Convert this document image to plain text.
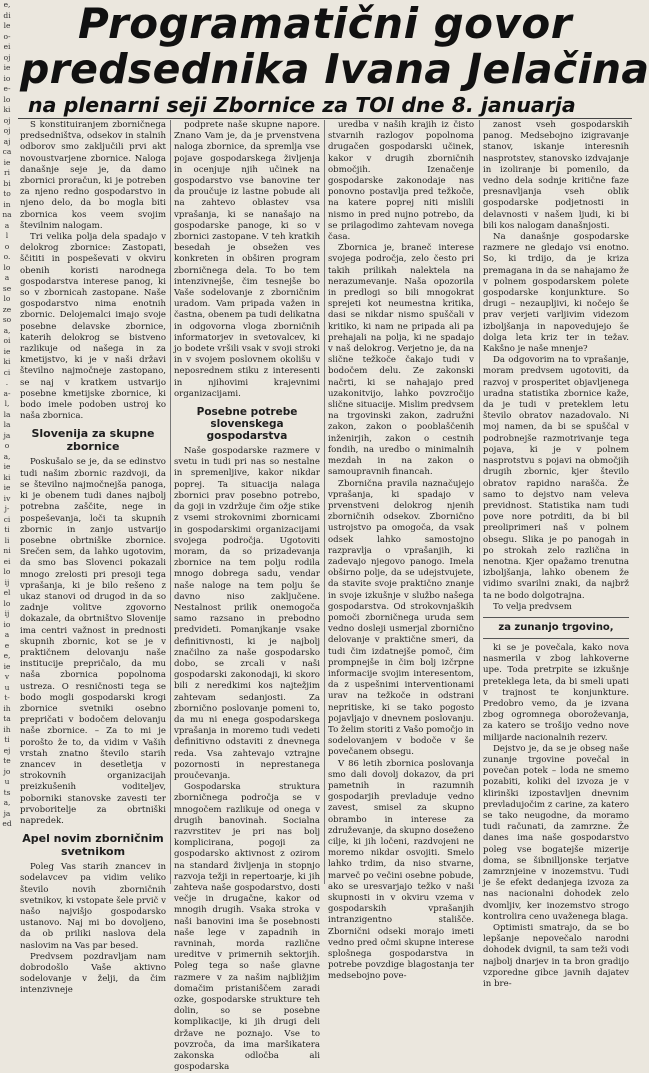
e,
di
le
o-
ei
oj
ie
io
e-
lo
ki
oj
oj
aj
ca
ie
ri
bi
to
in
na
a
l
o
o.
lo
a
se
lo
ze
so
a,
oi
ie
ki
ci
.
a-
l,
la
la
ja
o
a,
ie
ki
ie
iv
j-
ci
ti
li
ni
ei
lo
ij
el
lo
ij
io
a
e
e,
ie
v
u
t-
ih
ta
ih
ti
ej
te
jo
u
ts
a,
ja
ed
Programatični govor
predsednika Ivana Jelačina
na plenarni seji Zbornice za TOI dne 8. januarja

S konstituiranjem zborničnega predsedništva, odsekov in stalnih odborov smo zaključili prvi akt novoustvarjene zbornice. Naloga današnje seje je, da damo zbornici proračun, ki je potreben za njeno redno gospodarstvo in njeno delo, da bo mogla biti zbornica kos veem svojim številnim nalogam.

Tri velika polja dela spadajo v delokrog zbornice: Zastopati, ščititi in pospeševati v okviru obenih koristi narodnega gospodarstva interese panog, ki so v zbornicah zastopane. Naše gospodarstvo nima enotnih zbornic. Delojemalci imajo svoje posebne delavske zbornice, katerih delokrog se bistveno razlikuje od našega in za kmetijstvo, ki je v naši državi številno najmočneje zastopano, se naj v kratkem ustvarijo posebne kmetijske zbornice, ki bodo imele podoben ustroj ko naša zbornica.

Slovenija za skupne zbornice

Poskušalo se je, da se edinstvo tudi našim zbornic razdvoji, da se številno najmočnejša panoga, ki je obenem tudi danes najbolj potrebna zaščite, nege in pospeševanja, loči ta skupnih zbornic in zanjo ustvarijo posebne obrtniške zbornice. Srečen sem, da lahko ugotovim, da smo bas Slovenci pokazali mnogo zrelosti pri presoji tega vprašanja, ki je bilo rešeno z ukaz stanovi od drugod in da so zadnje volitve zgovorno dokazale, da obrtništvo Slovenije ima centri važnost in prednosti skupnih zbornic, kot se je v praktičnem delovanju naše institucije prepričalo, da mu naša zbornica popolnoma ustreza. O resničnosti tega se bodo mogli gospodarski krogi zbornice svetniki osebno prepričati v bodočem delovanju naše zbornice. – Za to mi je porošto že to, da vidim v Vaših vrstah znatno število starih znancev in desetletja v strokovnih organizacijah preizkušenih voditeljev, poborniki stanovske zavesti ter prvoboritelje za obrtniški napredek.

Apel novim zborničnim svetnikom

Poleg Vas starih znancev in sodelavcev pa vidim veliko število novih zborničnih svetnikov, ki vstopate šele prvič v našo najvišjo gospodarsko ustanovo. Naj mi bo dovoljeno, da ob priliki naslova dela naslovim na Vas par besed.

Predvsem pozdravljam nam dobrodošlo Vaše aktivno sodelovanje v želji, da čim intenzivneje

podprete naše skupne napore. Znano Vam je, da je prvenstvena naloga zbornice, da spremlja vse pojave gospodarskega življenja in ocenjuje njih učinek na gospodarstvo vse banovine ter da proučuje iz lastne pobude ali na zahtevo oblastev vsa vprašanja, ki se nanašajo na gospodarske panoge, ki so v zbornici zastopane. V teh kratkih besedah je obsežen ves konkreten in obširen program zborničnega dela. To bo tem intenzivnejše, čim tesnejše bo Vaše sodelovanje z zborničnim uradom. Vam pripada važen in častna, obenem pa tudi delikatna in odgovorna vloga zborničnih informatorjev in svetovalcev, ki jo bodete vršili vsak v svoji stroki in v svojem poslovnem okolišu v neposrednem stiku z interesenti in njihovimi krajevnimi organizacijami.

Posebne potrebe slovenskega gospodarstva

Naše gospodarske razmere v svetu in tudi pri nas so nestalne in spremenljive, kakor nikdar poprej. Ta situacija nalaga zbornici prav posebno potrebo, da goji in vzdržuje čim ožje stike z vsemi strokovnimi zbornicami in gospodarskimi organizacijami svojega področja. Ugotoviti moram, da so prizadevanja zbornice na tem polju rodila mnogo dobrega sadu, vendar naše naloge na tem polju še davno niso zaključene. Nestalnost prilik onemogoča samo razsano in prebodno predvideti. Pomanjkanje vsake definitivnosti, ki je najbolj značilno za naše gospodarsko dobo, se zrcali v naši gospodarski zakonodaji, ki skoro bili z neredkimi kos najtežjim zahtevam sedanjosti. Za zbornično poslovanje pomeni to, da mu ni enega gospodarskega vprašanja in moremo tudi vedeti definitivno odstaviti z dnevnega reda. Vsa zahtevajo vztrajne pozornosti in neprestanega proučevanja.

Gospodarska struktura zborničnega področja se v mnogočem razlikuje od onega v drugih banovinah. Socialna razvrstitev je pri nas bolj komplicirana, pogoji za gospodarsko aktivnost z ozirom na standard življenja in stopnjo razvoja težji in repertoarje, ki jih zahteva naše gospodarstvo, dosti večje in drugačne, kakor od mnogih drugih. Vsaka stroka v naši banovini ima še posebnosti naše lege v zapadnih in ravninah, morda različne ureditve v primernih sektorjih. Poleg tega so naše glavne razmere v za našim najbližjim domačim pristaniščem zaradi ozke, gospodarske strukture teh dolin, so se posebne komplikacije, ki jih drugi deli države ne poznajo. Vse to povzroča, da ima maršikatera zakonska odločba ali gospodarska

uredba v naših krajih iz čisto stvarnih razlogov popolnoma drugačen gospodarski učinek, kakor v drugih zborničnih območjih. Izenačenje gospodarske zakonodaje nas ponovno postavlja pred težkoče, na katere poprej niti mislili nismo in pred nujno potrebo, da se prilagodimo zahtevam novega časa.

Zbornica je, braneč interese svojega področja, zelo često pri takih prilikah nalektela na nerazumevanje. Naša opozorila in predlogi so bili mnogokrat sprejeti kot neumestna kritika, dasi se nikdar nismo spuščali v kritiko, ki nam ne pripada ali pa prehajali na polja, ki ne spadajo v naš delokrog. Verjetno je, da na slične težkoče čakajo tudi v bodočem delu. Ze zakonski načrti, ki se nahajajo pred uzakonitvijo, lahko povzročijo slične situacije. Mislim predvsem na trgovinski zakon, zadružni zakon, zakon o pooblaščenih inženirjih, zakon o cestnih fondih, na uredbo o minimalnih mezdah in na zakon o samoupravnih financah.

Zbornična pravila naznačujejo vprašanja, ki spadajo v prvenstveni delokrog njenih zborničnih odsekov. Zbornično ustrojstvo pa omogoča, da vsak odsek lahko samostojno razpravlja o vprašanjih, ki zadevajo njegovo panogo. Imela obširno polje, da se udejstvujete, da stavite svoje praktično znanje in svoje izkušnje v službo našega gospodarstva. Od strokovnjaških pomoči zborničnega uruda sem vedno dosleji usmerjal zbornično delovanje v praktične smeri, da tudi čim izdatnejše pomoč, čim prompnejše in čim bolj izčrpne informacije svojim interesentom, da z uspešnimi interventionami urav na težkoče in odstrani nepritiske, ki se tako pogosto pojavljajo v dnevnem poslovanju. To želim storiti z Vašo pomočjo in sodelovanjem v bodoče v še povečanem obsegu.

V 86 letih zbornica poslovanja smo dali dovolj dokazov, da pri pametnih in razumnih gospodarjih prevladuje vedno zavest, smisel za skupno obrambo in interese za združevanje, da skupno doseženo cilje, ki jih ločeni, razdvojeni ne moremo nikdar osvojiti. Smelo lahko trdim, da niso stvarne, marveč po večini osebne pobude, ako se uresvarjajo težko v naši skupnosti in v okviru vzema v gospodarskih vprašanjih intranzigentno stališče. Zbornični odseki morajo imeti vedno pred očmi skupne interese splošnega gospodarstva in potrebe povzdige blagostanja ter medsebojno pove-

zanost vseh gospodarskih panog. Medsebojno izigravanje stanov, iskanje interesnih nasprotstev, stanovsko izdvajanje in izoliranje bi pomenilo, da vedno dela sodnje kritične faze presnavljanja vseh oblik gospodarske podjetnosti in delavnosti v našem ljudi, ki bi bili kos nalogam današnjosti.

Na današnje gospodarske razmere ne gledajo vsi enotno. So, ki trdijo, da je kriza premagana in da se nahajamo že v polnem gospodarskem polete gospodarske konjunkture. So drugi – nezaupljivi, ki nočejo še prav verjeti varljivim videzom izboljšanja in napovedujejo še dolga leta kriz ter in težav. Kakšno je naše mnenje?

Da odgovorim na to vprašanje, moram predvsem ugotoviti, da razvoj v prosperitet objavljenega uradna statistika zbornice kaže, da je tudi v preteklem letu število obratov nazadovalo. Ni moj namen, da bi se spuščal v podrobnejše razmotrivanje tega pojava, ki je v polnem nasprotstvu s pojavi na območjih drugih zbornic, kjer število obratov rapidno narašča. Že samo to dejstvo nam veleva previdnost. Statistika nam tudi pove nore potrditi, da bi bil preoliprimeri naš v polnem obsegu. Slika je po panogah in po strokah zelo različna in nenotna. Kjer opažamo trenutna izboljšanja, lahko obenem že vidimo svarilni znaki, da najbrž ta ne bodo dolgotrajna.

To velja predvsem

za zunanjo trgovino,

ki se je povečala, kako nova nasmerila v zbog lahkoverne upe. Toda pretrpite se izkušnje preteklega leta, da bi smeli upati v trajnost te konjunkture. Predobro vemo, da je izvana zbog ogromnega oboroževanja, za katero se trošijo vedno nove milijarde nacionalnih rezerv.

Dejstvo je, da se je obseg naše zunanje trgovine povečal in povečan potek – loda ne smemo pozabiti, koliki del izvoza je v klirinški izpostavljen dnevnim prevladujočim z carine, za katero se tako neugodne, da moramo tudi računati, da zamrzne. Že danes ima naše gospodarstvo poleg vse bogatejše mizerije doma, se šibnilljonske terjatve zamrznjeine v inozemstvu. Tudi je še efekt dedanjega izvoza za nas nacionalni dohodek zelo dvomljiv, ker inozemstvo strogo kontrolira ceno uvaženega blaga.

Optimisti smatrajo, da se bo lepšanje nepovečalo narodni dohodek dvignil, ta sam teži vodi najbolj dnarjev in ta bron gradijo vzporedne gibce javnih dajatev in bre-
